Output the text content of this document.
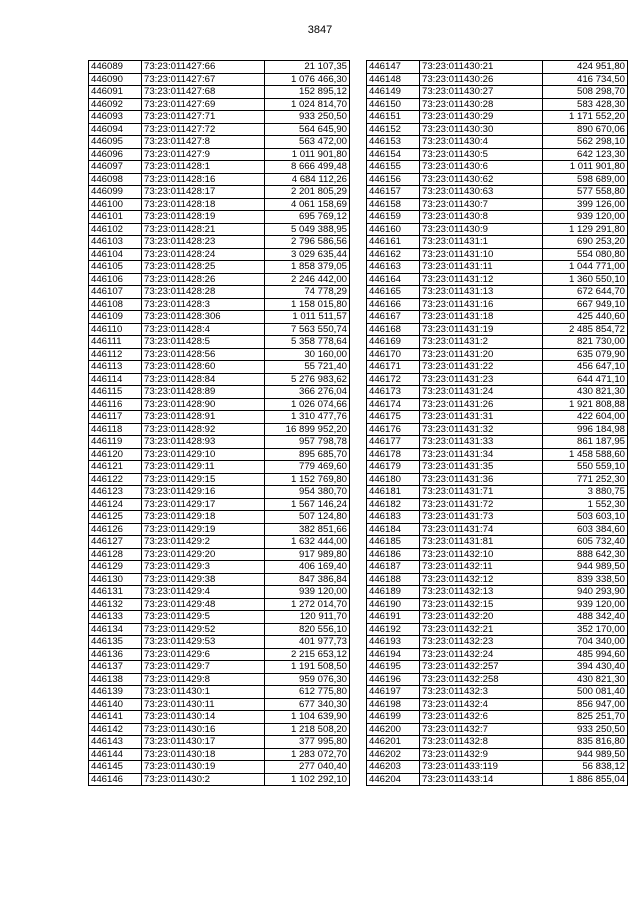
3847
446089	73:23:011427:66	21 107,35
446090	73:23:011427:67	1 076 466,30
446091	73:23:011427:68	152 895,12
446092	73:23:011427:69	1 024 814,70
446093	73:23:011427:71	933 250,50
446094	73:23:011427:72	564 645,90
446095	73:23:011427:8	563 472,00
446096	73:23:011427:9	1 011 901,80
446097	73:23:011428:1	8 666 499,48
446098	73:23:011428:16	4 684 112,26
446099	73:23:011428:17	2 201 805,29
446100	73:23:011428:18	4 061 158,69
446101	73:23:011428:19	695 769,12
446102	73:23:011428:21	5 049 388,95
446103	73:23:011428:23	2 796 586,56
446104	73:23:011428:24	3 029 635,44
446105	73:23:011428:25	1 858 379,05
446106	73:23:011428:26	2 246 442,00
446107	73:23:011428:28	74 778,29
446108	73:23:011428:3	1 158 015,80
446109	73:23:011428:306	1 011 511,57
446110	73:23:011428:4	7 563 550,74
446111	73:23:011428:5	5 358 778,64
446112	73:23:011428:56	30 160,00
446113	73:23:011428:60	55 721,40
446114	73:23:011428:84	5 276 983,62
446115	73:23:011428:89	366 276,04
446116	73:23:011428:90	1 026 074,66
446117	73:23:011428:91	1 310 477,76
446118	73:23:011428:92	16 899 952,20
446119	73:23:011428:93	957 798,78
446120	73:23:011429:10	895 685,70
446121	73:23:011429:11	779 469,60
446122	73:23:011429:15	1 152 769,80
446123	73:23:011429:16	954 380,70
446124	73:23:011429:17	1 567 146,24
446125	73:23:011429:18	507 124,80
446126	73:23:011429:19	382 851,66
446127	73:23:011429:2	1 632 444,00
446128	73:23:011429:20	917 989,80
446129	73:23:011429:3	406 169,40
446130	73:23:011429:38	847 386,84
446131	73:23:011429:4	939 120,00
446132	73:23:011429:48	1 272 014,70
446133	73:23:011429:5	120 911,70
446134	73:23:011429:52	820 556,10
446135	73:23:011429:53	401 977,73
446136	73:23:011429:6	2 215 653,12
446137	73:23:011429:7	1 191 508,50
446138	73:23:011429:8	959 076,30
446139	73:23:011430:1	612 775,80
446140	73:23:011430:11	677 340,30
446141	73:23:011430:14	1 104 639,90
446142	73:23:011430:16	1 218 508,20
446143	73:23:011430:17	377 995,80
446144	73:23:011430:18	1 283 072,70
446145	73:23:011430:19	277 040,40
446146	73:23:011430:2	1 102 292,10
446147	73:23:011430:21	424 951,80
446148	73:23:011430:26	416 734,50
446149	73:23:011430:27	508 298,70
446150	73:23:011430:28	583 428,30
446151	73:23:011430:29	1 171 552,20
446152	73:23:011430:30	890 670,06
446153	73:23:011430:4	562 298,10
446154	73:23:011430:5	642 123,30
446155	73:23:011430:6	1 011 901,80
446156	73:23:011430:62	598 689,00
446157	73:23:011430:63	577 558,80
446158	73:23:011430:7	399 126,00
446159	73:23:011430:8	939 120,00
446160	73:23:011430:9	1 129 291,80
446161	73:23:011431:1	690 253,20
446162	73:23:011431:10	554 080,80
446163	73:23:011431:11	1 044 771,00
446164	73:23:011431:12	1 360 550,10
446165	73:23:011431:13	672 644,70
446166	73:23:011431:16	667 949,10
446167	73:23:011431:18	425 440,60
446168	73:23:011431:19	2 485 854,72
446169	73:23:011431:2	821 730,00
446170	73:23:011431:20	635 079,90
446171	73:23:011431:22	456 647,10
446172	73:23:011431:23	644 471,10
446173	73:23:011431:24	430 821,30
446174	73:23:011431:26	1 921 808,88
446175	73:23:011431:31	422 604,00
446176	73:23:011431:32	996 184,98
446177	73:23:011431:33	861 187,95
446178	73:23:011431:34	1 458 588,60
446179	73:23:011431:35	550 559,10
446180	73:23:011431:36	771 252,30
446181	73:23:011431:71	3 880,75
446182	73:23:011431:72	1 552,30
446183	73:23:011431:73	503 603,10
446184	73:23:011431:74	603 384,60
446185	73:23:011431:81	605 732,40
446186	73:23:011432:10	888 642,30
446187	73:23:011432:11	944 989,50
446188	73:23:011432:12	839 338,50
446189	73:23:011432:13	940 293,90
446190	73:23:011432:15	939 120,00
446191	73:23:011432:20	488 342,40
446192	73:23:011432:21	352 170,00
446193	73:23:011432:23	704 340,00
446194	73:23:011432:24	485 994,60
446195	73:23:011432:257	394 430,40
446196	73:23:011432:258	430 821,30
446197	73:23:011432:3	500 081,40
446198	73:23:011432:4	856 947,00
446199	73:23:011432:6	825 251,70
446200	73:23:011432:7	933 250,50
446201	73:23:011432:8	835 816,80
446202	73:23:011432:9	944 989,50
446203	73:23:011433:119	56 838,12
446204	73:23:011433:14	1 886 855,04
